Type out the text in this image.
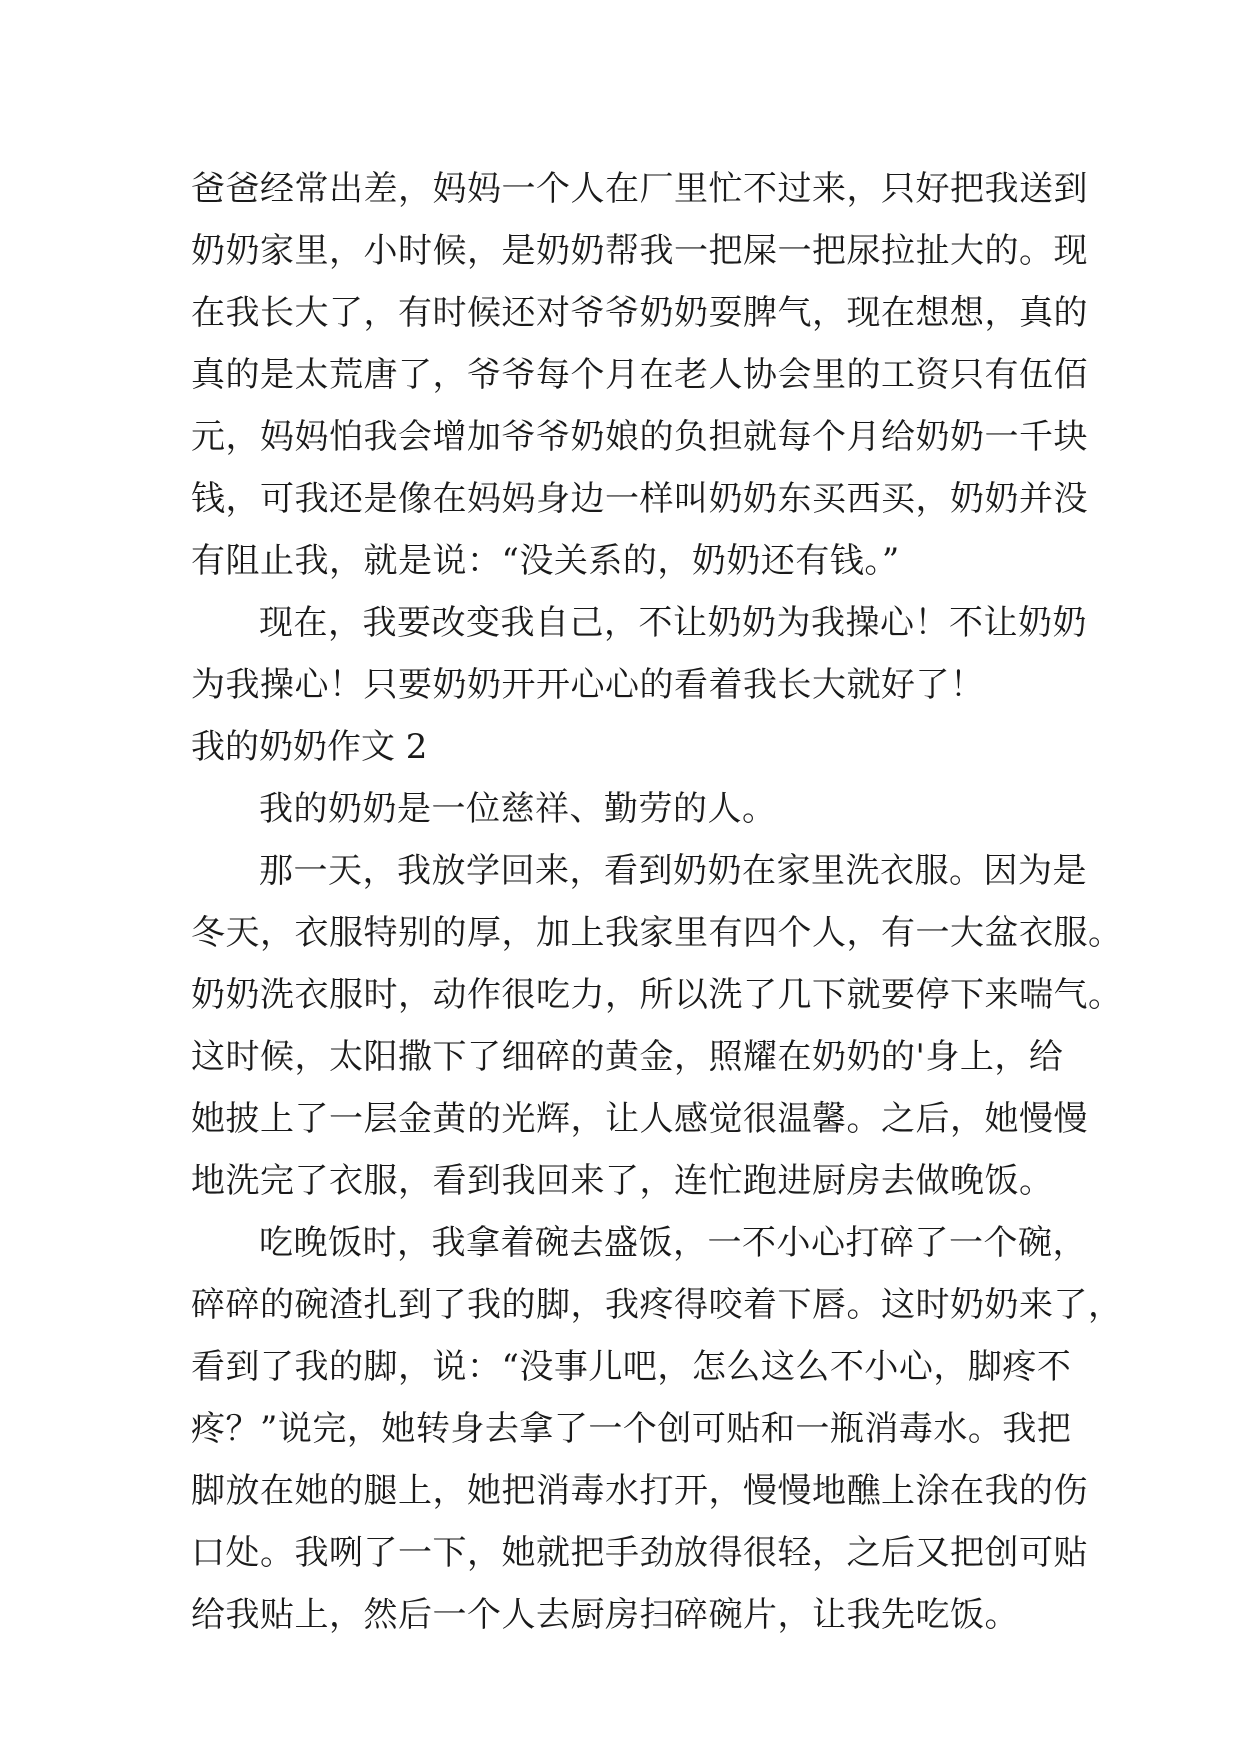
爸爸经常出差，妈妈一个人在厂里忙不过来，只好把我送到
奶奶家里，小时候，是奶奶帮我一把屎一把尿拉扯大的。现
在我长大了，有时候还对爷爷奶奶耍脾气，现在想想，真的
真的是太荒唐了，爷爷每个月在老人协会里的工资只有伍佰
元，妈妈怕我会增加爷爷奶娘的负担就每个月给奶奶一千块
钱，可我还是像在妈妈身边一样叫奶奶东买西买，奶奶并没
有阻止我，就是说：“没关系的，奶奶还有钱。”
现在，我要改变我自己，不让奶奶为我操心！不让奶奶
为我操心！只要奶奶开开心心的看着我长大就好了！
我的奶奶作文 2
我的奶奶是一位慈祥、勤劳的人。
那一天，我放学回来，看到奶奶在家里洗衣服。因为是
冬天，衣服特别的厚，加上我家里有四个人，有一大盆衣服。
奶奶洗衣服时，动作很吃力，所以洗了几下就要停下来喘气。
这时候，太阳撒下了细碎的黄金，照耀在奶奶的'身上，给
她披上了一层金黄的光辉，让人感觉很温馨。之后，她慢慢
地洗完了衣服，看到我回来了，连忙跑进厨房去做晚饭。
吃晚饭时，我拿着碗去盛饭，一不小心打碎了一个碗，
碎碎的碗渣扎到了我的脚，我疼得咬着下唇。这时奶奶来了，
看到了我的脚，说：“没事儿吧，怎么这么不小心，脚疼不
疼？”说完，她转身去拿了一个创可贴和一瓶消毒水。我把
脚放在她的腿上，她把消毒水打开，慢慢地醮上涂在我的伤
口处。我咧了一下，她就把手劲放得很轻，之后又把创可贴
给我贴上，然后一个人去厨房扫碎碗片，让我先吃饭。
